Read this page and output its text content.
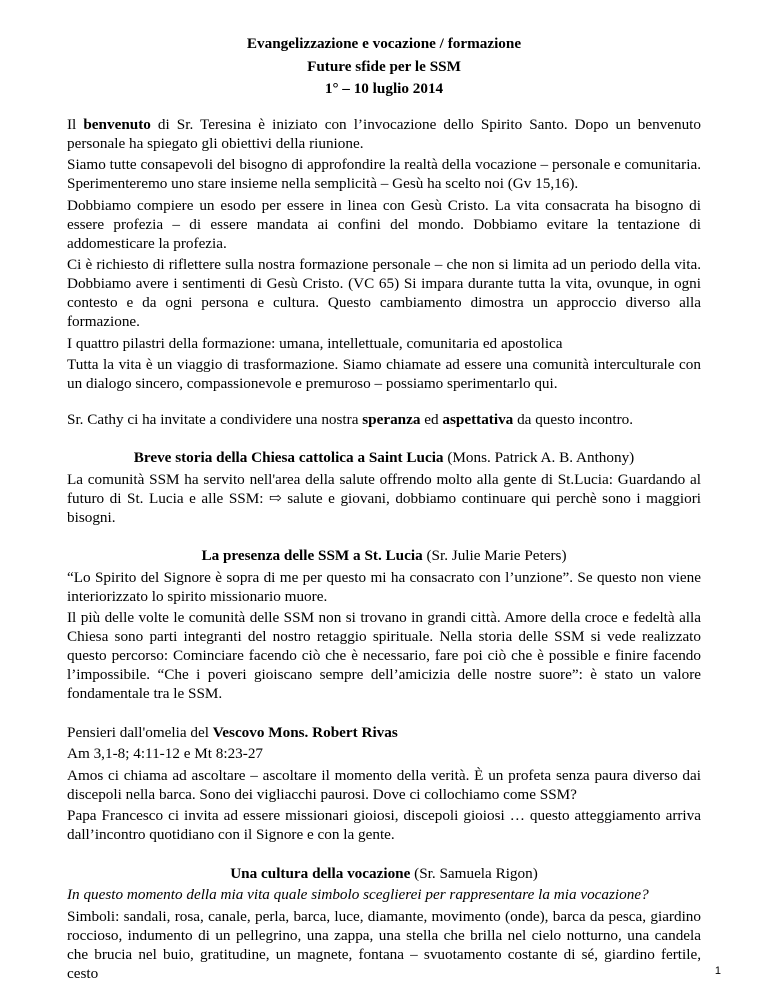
Evangelizzazione e vocazione / formazione

Future sfide per le SSM

1° – 10 luglio 2014

Il benvenuto di Sr. Teresina è iniziato con l’invocazione dello Spirito Santo. Dopo un benvenuto personale ha spiegato gli obiettivi della riunione.

Siamo tutte consapevoli del bisogno di approfondire la realtà della vocazione – personale e comunitaria. Sperimenteremo uno stare insieme nella semplicità – Gesù ha scelto noi (Gv 15,16).

Dobbiamo compiere un esodo per essere in linea con Gesù Cristo. La vita consacrata ha bisogno di essere profezia – di essere mandata ai confini del mondo. Dobbiamo evitare la tentazione di addomesticare la profezia.

Ci è richiesto di riflettere sulla nostra formazione personale – che non si limita ad un periodo della vita. Dobbiamo avere i sentimenti di Gesù Cristo. (VC 65) Si impara durante tutta la vita, ovunque, in ogni contesto e da ogni persona e cultura. Questo cambiamento dimostra un approccio diverso alla formazione.

I quattro pilastri della formazione: umana, intellettuale, comunitaria ed apostolica

Tutta la vita è un viaggio di trasformazione. Siamo chiamate ad essere una comunità interculturale con un dialogo sincero, compassionevole e premuroso – possiamo sperimentarlo qui.

Sr. Cathy ci ha invitate a condividere una nostra speranza ed aspettativa da questo incontro.

Breve storia della Chiesa cattolica a Saint Lucia (Mons. Patrick A. B. Anthony)

La comunità SSM ha servito nell'area della salute offrendo molto alla gente di St.Lucia: Guardando al futuro di St. Lucia e alle SSM: ⇨ salute e giovani, dobbiamo continuare qui perchè sono i maggiori bisogni.

La presenza delle SSM a St. Lucia (Sr. Julie Marie Peters)

“Lo Spirito del Signore è sopra di me per questo mi ha consacrato con l’unzione”. Se questo non viene interiorizzato lo spirito missionario muore.

Il più delle volte le comunità delle SSM non si trovano in grandi città. Amore della croce e fedeltà alla Chiesa sono parti integranti del nostro retaggio spirituale. Nella storia delle SSM si vede realizzato questo percorso: Cominciare facendo ciò che è necessario, fare poi ciò che è possible e finire facendo l’impossibile. “Che i poveri gioiscano sempre dell’amicizia delle nostre suore”: è stato un valore fondamentale tra le SSM.

Pensieri dall'omelia del Vescovo Mons. Robert Rivas

Am 3,1-8; 4:11-12 e Mt 8:23-27

Amos ci chiama ad ascoltare – ascoltare il momento della verità. È un profeta senza paura diverso dai discepoli nella barca. Sono dei vigliacchi paurosi. Dove ci collochiamo come SSM?

Papa Francesco ci invita ad essere missionari gioiosi, discepoli gioiosi … questo atteggiamento arriva dall’incontro quotidiano con il Signore e con la gente.

Una cultura della vocazione (Sr. Samuela Rigon)

In questo momento della mia vita quale simbolo sceglierei per rappresentare la mia vocazione?

Simboli: sandali, rosa, canale, perla, barca, luce, diamante, movimento (onde), barca da pesca, giardino roccioso, indumento di un pellegrino, una zappa, una stella che brilla nel cielo notturno, una candela che brucia nel buio, gratitudine, un magnete, fontana – svuotamento costante di sé, giardino fertile, cesto	1
